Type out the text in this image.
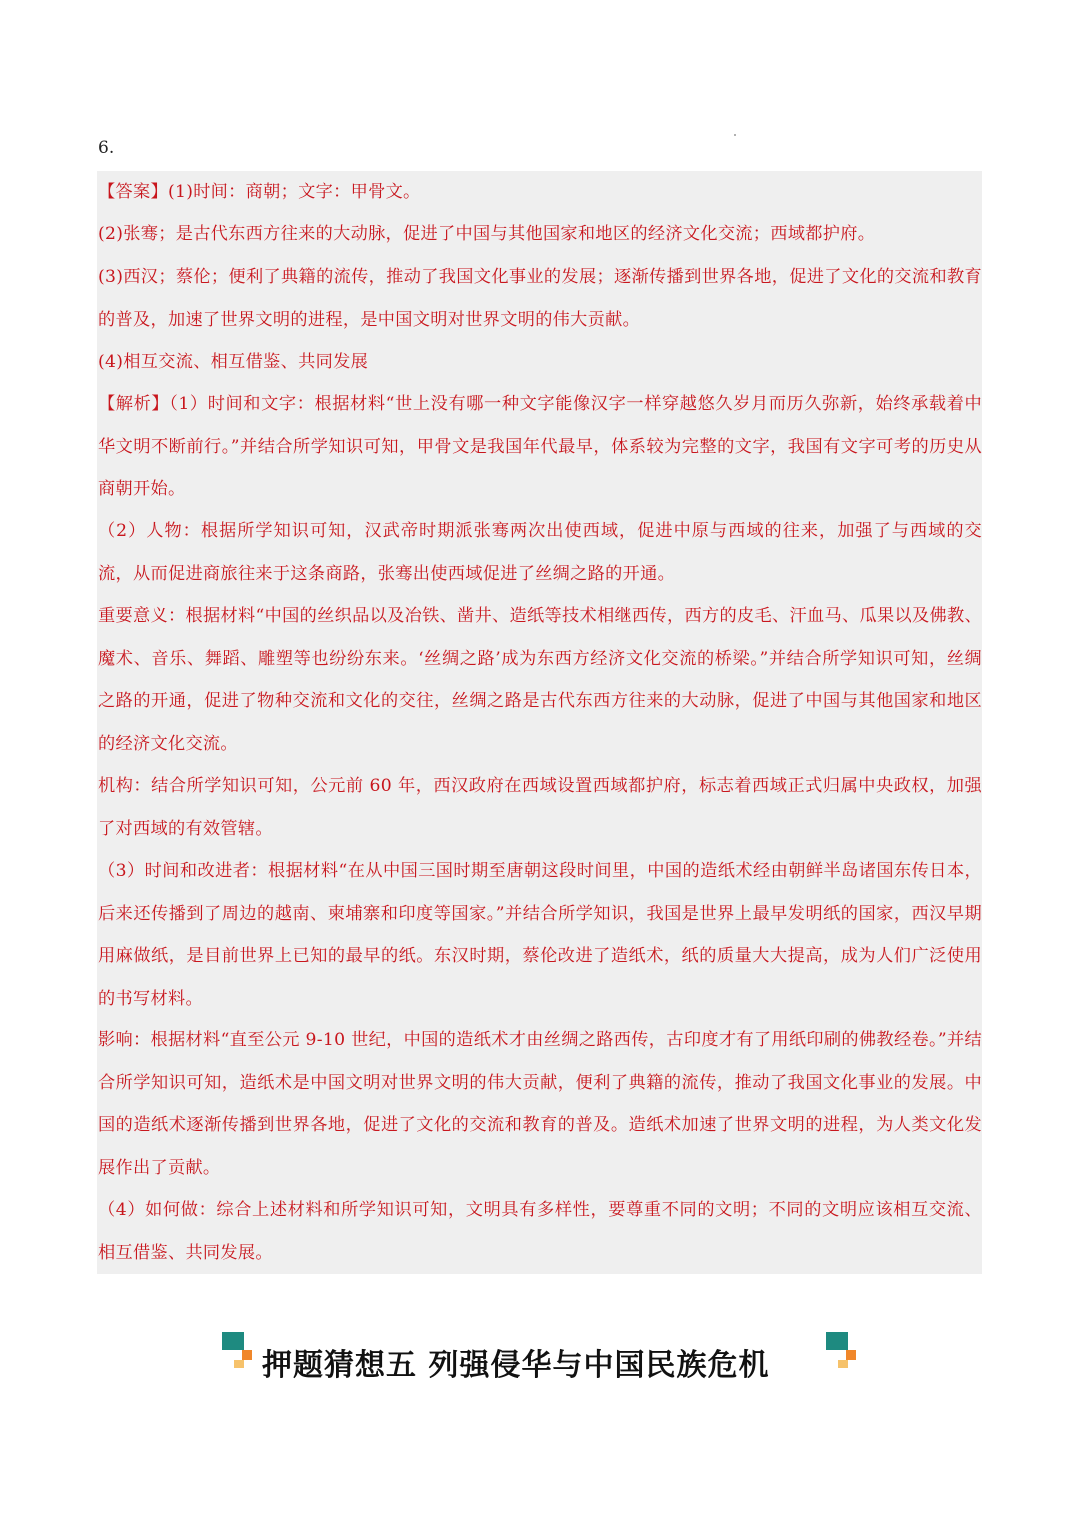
6.
【答案】(1)时间：商朝；文字：甲骨文。
(2)张骞；是古代东西方往来的大动脉，促进了中国与其他国家和地区的经济文化交流；西域都护府。
(3)西汉；蔡伦；便利了典籍的流传，推动了我国文化事业的发展；逐渐传播到世界各地，促进了文化的交流和教育的普及，加速了世界文明的进程，是中国文明对世界文明的伟大贡献。
(4)相互交流、相互借鉴、共同发展
【解析】（1）时间和文字：根据材料“世上没有哪一种文字能像汉字一样穿越悠久岁月而历久弥新，始终承载着中华文明不断前行。”并结合所学知识可知，甲骨文是我国年代最早，体系较为完整的文字，我国有文字可考的历史从商朝开始。
（2）人物：根据所学知识可知，汉武帝时期派张骞两次出使西域，促进中原与西域的往来，加强了与西域的交流，从而促进商旅往来于这条商路，张骞出使西域促进了丝绸之路的开通。
重要意义：根据材料“中国的丝织品以及冶铁、凿井、造纸等技术相继西传，西方的皮毛、汗血马、瓜果以及佛教、魔术、音乐、舞蹈、雕塑等也纷纷东来。‘丝绸之路’成为东西方经济文化交流的桥梁。”并结合所学知识可知，丝绸之路的开通，促进了物种交流和文化的交往，丝绸之路是古代东西方往来的大动脉，促进了中国与其他国家和地区的经济文化交流。
机构：结合所学知识可知，公元前 60 年，西汉政府在西域设置西域都护府，标志着西域正式归属中央政权，加强了对西域的有效管辖。
（3）时间和改进者：根据材料“在从中国三国时期至唐朝这段时间里，中国的造纸术经由朝鲜半岛诸国东传日本，后来还传播到了周边的越南、柬埔寨和印度等国家。”并结合所学知识，我国是世界上最早发明纸的国家，西汉早期用麻做纸，是目前世界上已知的最早的纸。东汉时期，蔡伦改进了造纸术，纸的质量大大提高，成为人们广泛使用的书写材料。
影响：根据材料“直至公元 9-10 世纪，中国的造纸术才由丝绸之路西传，古印度才有了用纸印刷的佛教经卷。”并结合所学知识可知，造纸术是中国文明对世界文明的伟大贡献，便利了典籍的流传，推动了我国文化事业的发展。中国的造纸术逐渐传播到世界各地，促进了文化的交流和教育的普及。造纸术加速了世界文明的进程，为人类文化发展作出了贡献。
（4）如何做：综合上述材料和所学知识可知，文明具有多样性，要尊重不同的文明；不同的文明应该相互交流、相互借鉴、共同发展。
押题猜想五 列强侵华与中国民族危机
